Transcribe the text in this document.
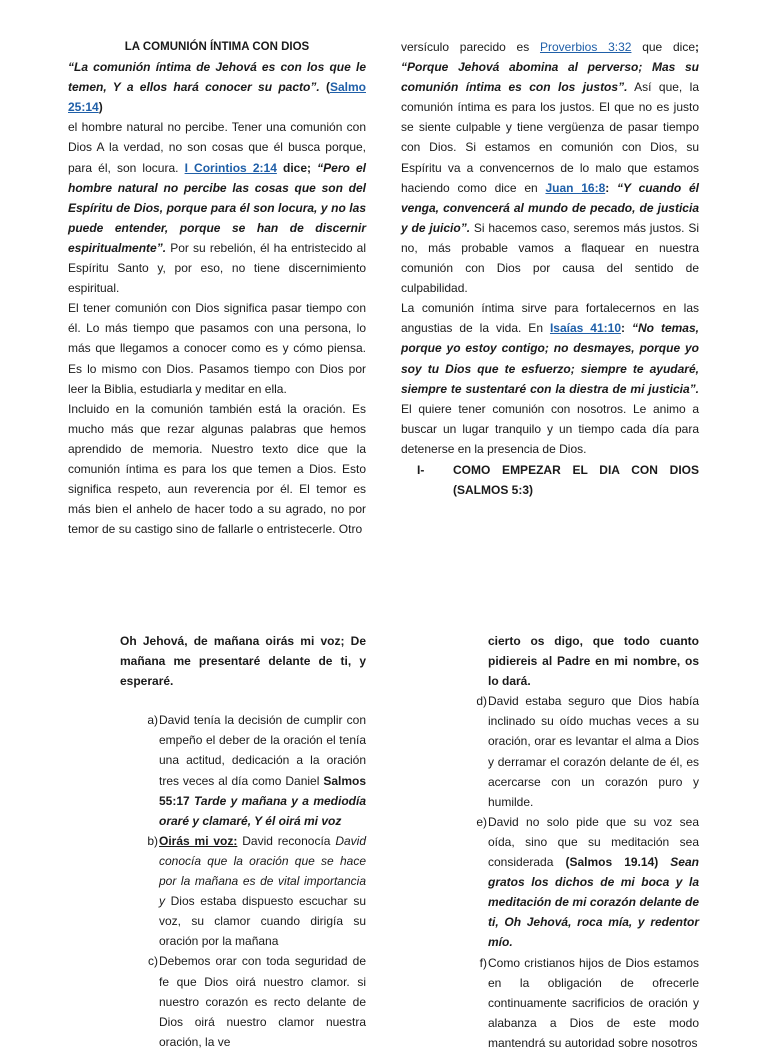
LA COMUNIÓN ÍNTIMA CON DIOS

“La comunión íntima de Jehová es con los que le temen, Y a ellos hará conocer su pacto”. (Salmo 25:14)

el hombre natural no percibe. Tener una comunión con Dios A la verdad, no son cosas que él busca porque, para él, son locura. I Corintios 2:14 dice; “Pero el hombre natural no percibe las cosas que son del Espíritu de Dios, porque para él son locura, y no las puede entender, porque se han de discernir espiritualmente”. Por su rebelión, él ha entristecido al Espíritu Santo y, por eso, no tiene discernimiento espiritual.

El tener comunión con Dios significa pasar tiempo con él. Lo más tiempo que pasamos con una persona, lo más que llegamos a conocer como es y cómo piensa. Es lo mismo con Dios. Pasamos tiempo con Dios por leer la Biblia, estudiarla y meditar en ella.

Incluido en la comunión también está la oración. Es mucho más que rezar algunas palabras que hemos aprendido de memoria. Nuestro texto dice que la comunión íntima es para los que temen a Dios. Esto significa respeto, aun reverencia por él. El temor es más bien el anhelo de hacer todo a su agrado, no por temor de su castigo sino de fallarle o entristecerle. Otro

versículo parecido es Proverbios 3:32 que dice; “Porque Jehová abomina al perverso; Mas su comunión íntima es con los justos”. Así que, la comunión íntima es para los justos. El que no es justo se siente culpable y tiene vergüenza de pasar tiempo con Dios. Si estamos en comunión con Dios, su Espíritu va a convencernos de lo malo que estamos haciendo como dice en Juan 16:8: “Y cuando él venga, convencerá al mundo de pecado, de justicia y de juicio”. Si hacemos caso, seremos más justos. Si no, más probable vamos a flaquear en nuestra comunión con Dios por causa del sentido de culpabilidad.

La comunión íntima sirve para fortalecernos en las angustias de la vida. En Isaías 41:10: “No temas, porque yo estoy contigo; no desmayes, porque yo soy tu Dios que te esfuerzo; siempre te ayudaré, siempre te sustentaré con la diestra de mi justicia”. El quiere tener comunión con nosotros. Le animo a buscar un lugar tranquilo y un tiempo cada día para detenerse en la presencia de Dios.

I-	COMO EMPEZAR EL DIA CON DIOS (SALMOS 5:3)

Oh Jehová, de mañana oirás mi voz; De mañana me presentaré delante de ti, y esperaré.

a) David tenía la decisión de cumplir con empeño el deber de la oración el tenía una actitud, dedicación a la oración tres veces al día como Daniel Salmos 55:17 Tarde y mañana y a mediodía oraré y clamaré, Y él oirá mi voz
b) Oirás mi voz: David reconocía David conocía que la oración que se hace por la mañana es de vital importancia y Dios estaba dispuesto escuchar su voz, su clamor cuando dirigía su oración por la mañana
c) Debemos orar con toda seguridad de fe que Dios oirá nuestro clamor. si nuestro corazón es recto delante de Dios oirá nuestro clamor nuestra oración, la ve

cierto os digo, que todo cuanto pidiereis al Padre en mi nombre, os lo dará.

d) David estaba seguro que Dios había inclinado su oído muchas veces a su oración, orar es levantar el alma a Dios y derramar el corazón delante de él, es acercarse con un corazón puro y humilde.
e) David no solo pide que su voz sea oída, sino que su meditación sea considerada (Salmos 19.14) Sean gratos los dichos de mi boca y la meditación de mi corazón delante de ti, Oh Jehová, roca mía, y redentor mío.
f) Como cristianos hijos de Dios estamos en la obligación de ofrecerle continuamente sacrificios de oración y alabanza a Dios de este modo mantendrá su autoridad sobre nosotros
